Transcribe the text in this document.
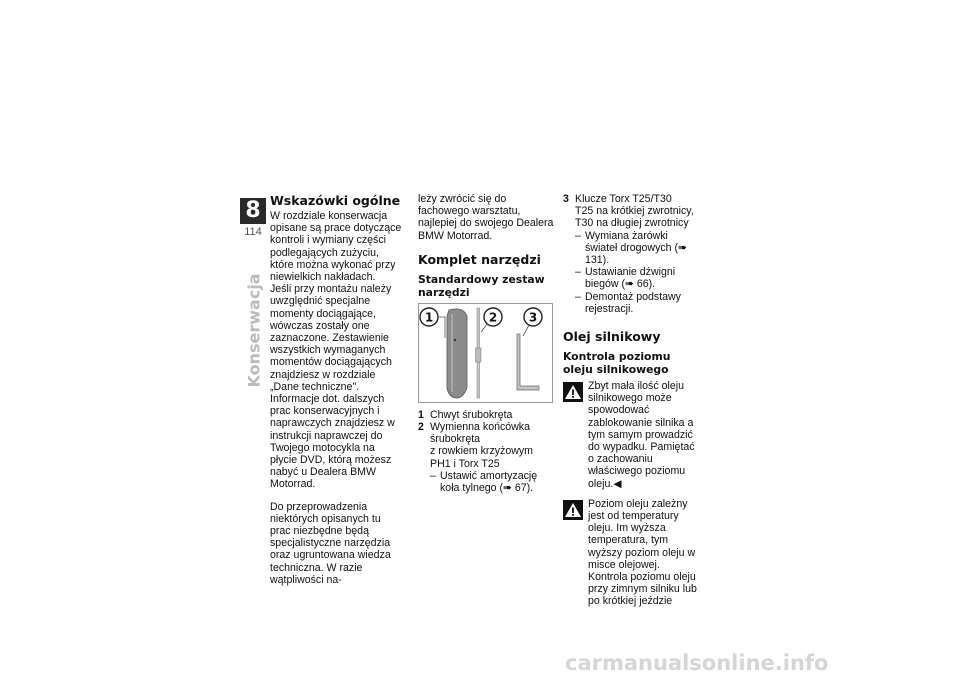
8
114
Konserwacja
Wskazówki ogólne

W rozdziale konserwacja opisane są prace dotyczące kontroli i wymiany części podlegających zużyciu, które można wykonać przy niewielkich nakładach.

Jeśli przy montażu należy uwzględnić specjalne momenty dociągające, wówczas zostały one zaznaczone. Zestawienie wszystkich wymaganych momentów dociągających znajdziesz w rozdziale „Dane techniczne".

Informacje dot. dalszych prac konserwacyjnych i naprawczych znajdziesz w instrukcji naprawczej do Twojego motocykla na płycie DVD, którą możesz nabyć u Dealera BMW Motorrad.

Do przeprowadzenia niektórych opisanych tu prac niezbędne będą specjalistyczne narzędzia oraz ugruntowana wiedza techniczna. W razie wątpliwości na-

leży zwrócić się do fachowego warsztatu, najlepiej do swojego Dealera BMW Motorrad.

Komplet narzędzi
Standardowy zestaw narzędzi
1	2	3
1 Chwyt śrubokręta
2 Wymienna końcówka śrubokręta

z rowkiem krzyżowym PH1 i Torx T25

– Ustawić amortyzację koła tylnego (➠ 67).
3 Klucze Torx T25/T30

T25 na krótkiej zwrotnicy, T30 na długiej zwrotnicy

– Wymiana żarówki świateł drogowych (➠ 131).
– Ustawianie dźwigni biegów (➠ 66).
– Demontaż podstawy rejestracji.
Olej silnikowy
Kontrola poziomu oleju silnikowego

Zbyt mała ilość oleju silnikowego może spowodować zablokowanie silnika a tym samym prowadzić do wypadku. Pamiętać o zachowaniu właściwego poziomu oleju.◀

Poziom oleju zależny jest od temperatury oleju. Im wyższa temperatura, tym wyższy poziom oleju w misce olejowej. Kontrola poziomu oleju przy zimnym silniku lub po krótkiej jeździe

carmanualsonline.info
